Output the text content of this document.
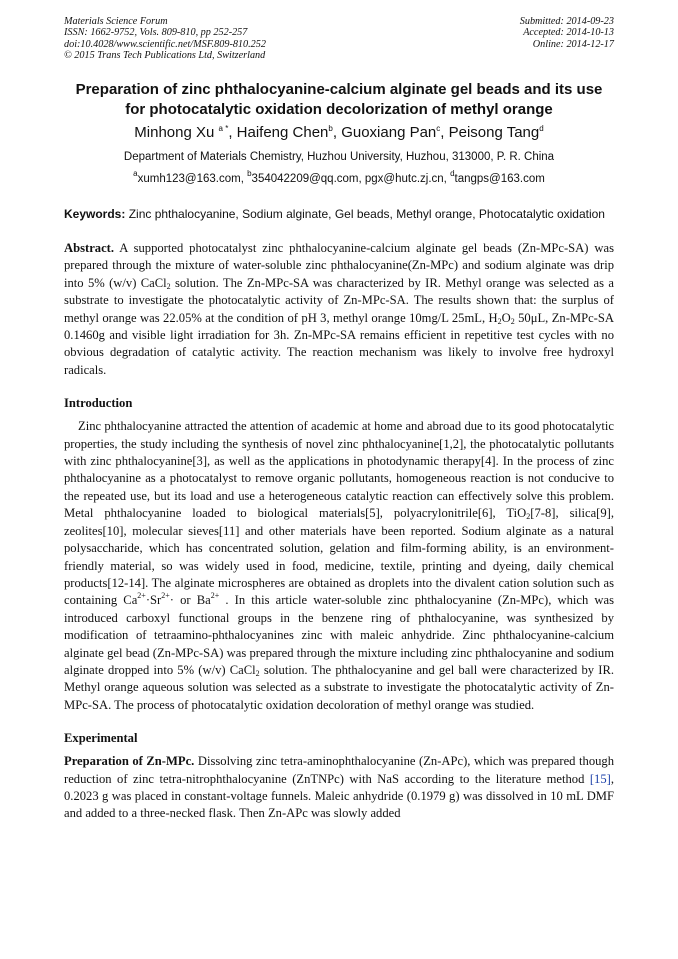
Materials Science Forum
ISSN: 1662-9752, Vols. 809-810, pp 252-257
doi:10.4028/www.scientific.net/MSF.809-810.252
© 2015 Trans Tech Publications Ltd, Switzerland
Submitted: 2014-09-23
Accepted: 2014-10-13
Online: 2014-12-17
Preparation of zinc phthalocyanine-calcium alginate gel beads and its use for photocatalytic oxidation decolorization of methyl orange
Minhong Xu $^{a *}$, Haifeng Chen$^b$, Guoxiang Pan$^c$, Peisong Tang$^d$
Department of Materials Chemistry, Huzhou University, Huzhou, 313000, P. R. China
$^a$xumh123@163.com, $^b$354042209@qq.com, pgx@hutc.zj.cn, $^d$tangps@163.com
Keywords: Zinc phthalocyanine, Sodium alginate, Gel beads, Methyl orange, Photocatalytic oxidation
Abstract. A supported photocatalyst zinc phthalocyanine-calcium alginate gel beads (Zn-MPc-SA) was prepared through the mixture of water-soluble zinc phthalocyanine(Zn-MPc) and sodium alginate was drip into 5% (w/v) CaCl$_2$ solution. The Zn-MPc-SA was characterized by IR. Methyl orange was selected as a substrate to investigate the photocatalytic activity of Zn-MPc-SA. The results shown that: the surplus of methyl orange was 22.05% at the condition of pH 3, methyl orange 10mg/L 25mL, $H_2O_2$ 50μL, Zn-MPc-SA 0.1460g and visible light irradiation for 3h. Zn-MPc-SA remains efficient in repetitive test cycles with no obvious degradation of catalytic activity. The reaction mechanism was likely to involve free hydroxyl radicals.
Introduction
Zinc phthalocyanine attracted the attention of academic at home and abroad due to its good photocatalytic properties, the study including the synthesis of novel zinc phthalocyanine[1,2], the photocatalytic pollutants with zinc phthalocyanine[3], as well as the applications in photodynamic therapy[4]. In the process of zinc phthalocyanine as a photocatalyst to remove organic pollutants, homogeneous reaction is not conducive to the repeated use, but its load and use a heterogeneous catalytic reaction can effectively solve this problem. Metal phthalocyanine loaded to biological materials[5], polyacrylonitrile[6], TiO$_2$[7-8], silica[9], zeolites[10], molecular sieves[11] and other materials have been reported. Sodium alginate as a natural polysaccharide, which has concentrated solution, gelation and film-forming ability, is an environment-friendly material, so was widely used in food, medicine, textile, printing and dyeing, daily chemical products[12-14]. The alginate microspheres are obtained as droplets into the divalent cation solution such as containing $Ca^{2+}\cdot Sr^{2+}\cdot$ or $Ba^{2+}$ . In this article water-soluble zinc phthalocyanine (Zn-MPc), which was introduced carboxyl functional groups in the benzene ring of phthalocyanine, was synthesized by modification of tetraamino-phthalocyanines zinc with maleic anhydride. Zinc phthalocyanine-calcium alginate gel bead (Zn-MPc-SA) was prepared through the mixture including zinc phthalocyanine and sodium alginate dropped into 5% (w/v) CaCl$_2$ solution. The phthalocyanine and gel ball were characterized by IR. Methyl orange aqueous solution was selected as a substrate to investigate the photocatalytic activity of Zn-MPc-SA. The process of photocatalytic oxidation decoloration of methyl orange was studied.
Experimental
Preparation of Zn-MPc. Dissolving zinc tetra-aminophthalocyanine (Zn-APc), which was prepared though reduction of zinc tetra-nitrophthalocyanine (ZnTNPc) with NaS according to the literature method [15], 0.2023 g was placed in constant-voltage funnels. Maleic anhydride (0.1979 g) was dissolved in 10 mL DMF and added to a three-necked flask. Then Zn-APc was slowly added
